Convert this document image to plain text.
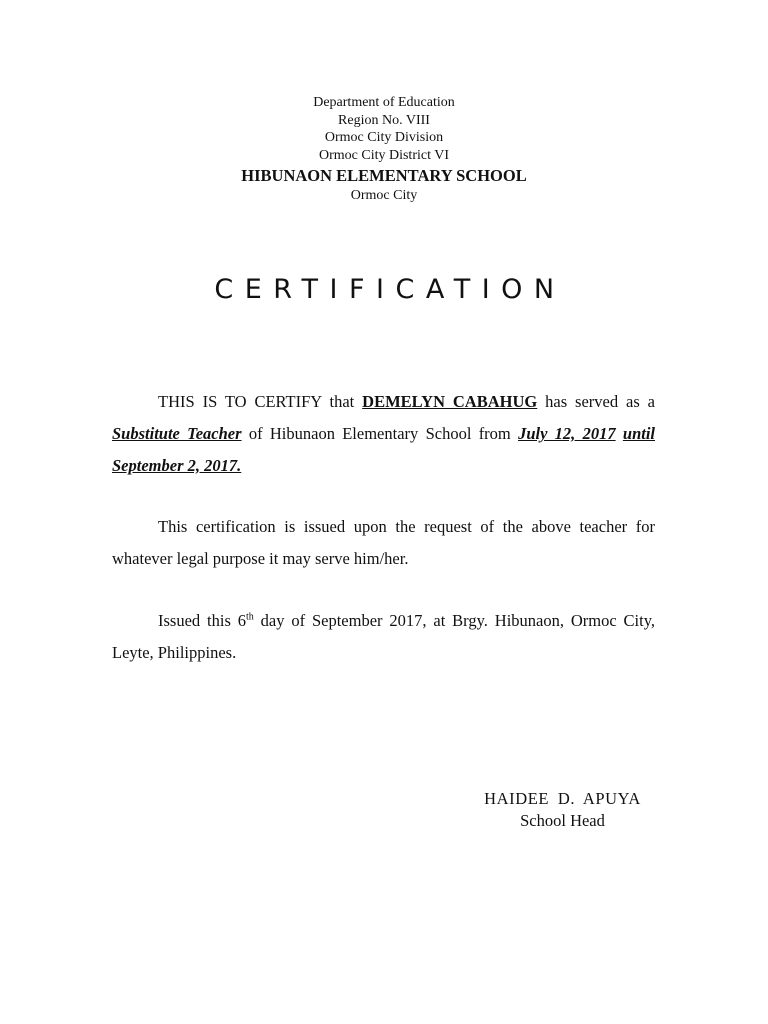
Department of Education
Region No. VIII
Ormoc City Division
Ormoc City District VI
HIBUNAON ELEMENTARY SCHOOL
Ormoc City
CERTIFICATION
THIS IS TO CERTIFY that DEMELYN CABAHUG has served as a Substitute Teacher of Hibunaon Elementary School from July 12, 2017 until September 2, 2017.
This certification is issued upon the request of the above teacher for whatever legal purpose it may serve him/her.
Issued this 6th day of September 2017, at Brgy. Hibunaon, Ormoc City, Leyte, Philippines.
HAIDEE D. APUYA
School Head
